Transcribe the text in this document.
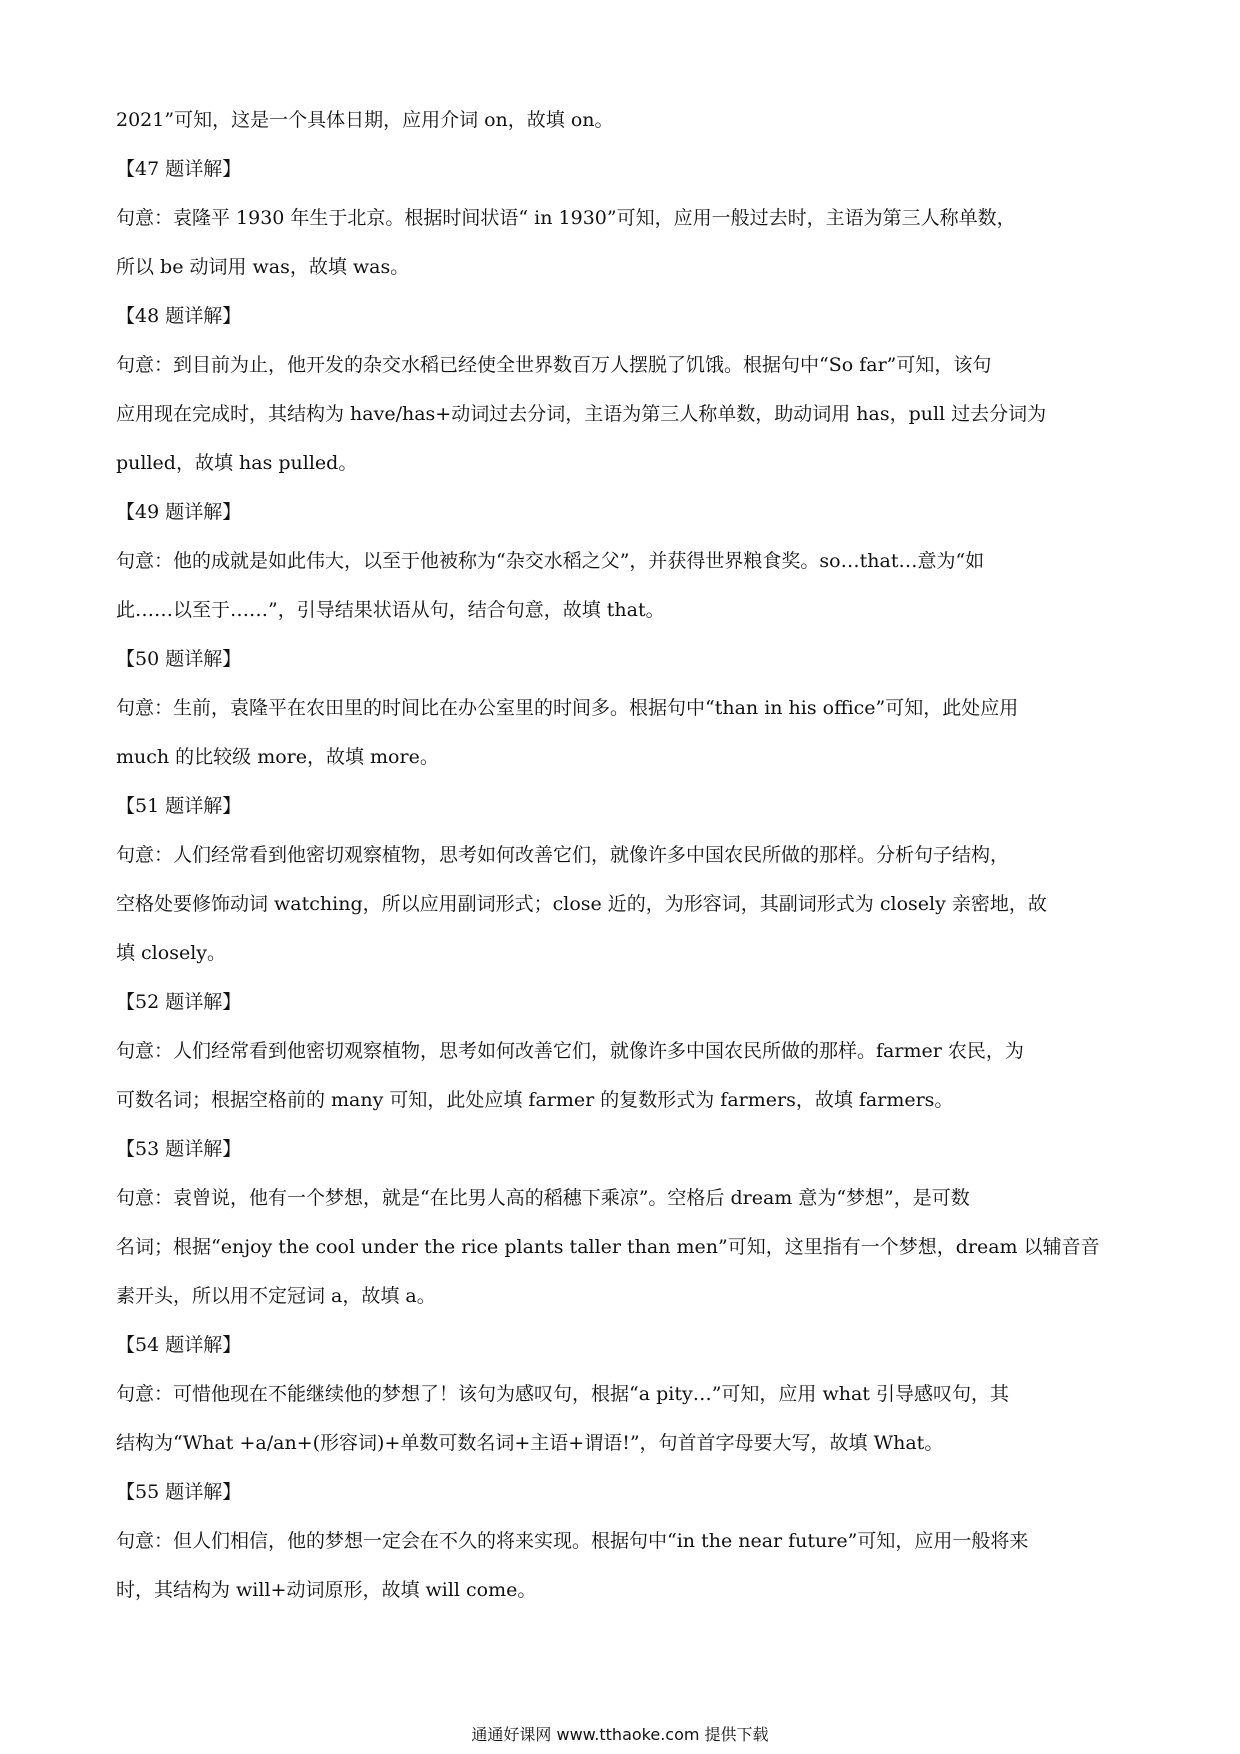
2021”可知，这是一个具体日期，应用介词 on，故填 on。
【47 题详解】
句意：袁隆平 1930 年生于北京。根据时间状语“ in 1930”可知，应用一般过去时，主语为第三人称单数，
所以 be 动词用 was，故填 was。
【48 题详解】
句意：到目前为止，他开发的杂交水稻已经使全世界数百万人摆脱了饥饿。根据句中“So far”可知，该句
应用现在完成时，其结构为 have/has+动词过去分词，主语为第三人称单数，助动词用 has，pull 过去分词为
pulled，故填 has pulled。
【49 题详解】
句意：他的成就是如此伟大，以至于他被称为“杂交水稻之父”，并获得世界粮食奖。so…that…意为“如
此……以至于……”，引导结果状语从句，结合句意，故填 that。
【50 题详解】
句意：生前，袁隆平在农田里的时间比在办公室里的时间多。根据句中“than in his office”可知，此处应用
much 的比较级 more，故填 more。
【51 题详解】
句意：人们经常看到他密切观察植物，思考如何改善它们，就像许多中国农民所做的那样。分析句子结构，
空格处要修饰动词 watching，所以应用副词形式；close 近的，为形容词，其副词形式为 closely 亲密地，故
填 closely。
【52 题详解】
句意：人们经常看到他密切观察植物，思考如何改善它们，就像许多中国农民所做的那样。farmer 农民，为
可数名词；根据空格前的 many 可知，此处应填 farmer 的复数形式为 farmers，故填 farmers。
【53 题详解】
句意：袁曾说，他有一个梦想，就是“在比男人高的稻穗下乘凉”。空格后 dream 意为“梦想”，是可数
名词；根据“enjoy the cool under the rice plants taller than men”可知，这里指有一个梦想，dream 以辅音音
素开头，所以用不定冠词 a，故填 a。
【54 题详解】
句意：可惜他现在不能继续他的梦想了！该句为感叹句，根据“a pity…”可知，应用 what 引导感叹句，其
结构为“What +a/an+(形容词)+单数可数名词+主语+谓语!”，句首首字母要大写，故填 What。
【55 题详解】
句意：但人们相信，他的梦想一定会在不久的将来实现。根据句中“in the near future”可知，应用一般将来
时，其结构为 will+动词原形，故填 will come。
通通好课网 www.tthaoke.com 提供下载
